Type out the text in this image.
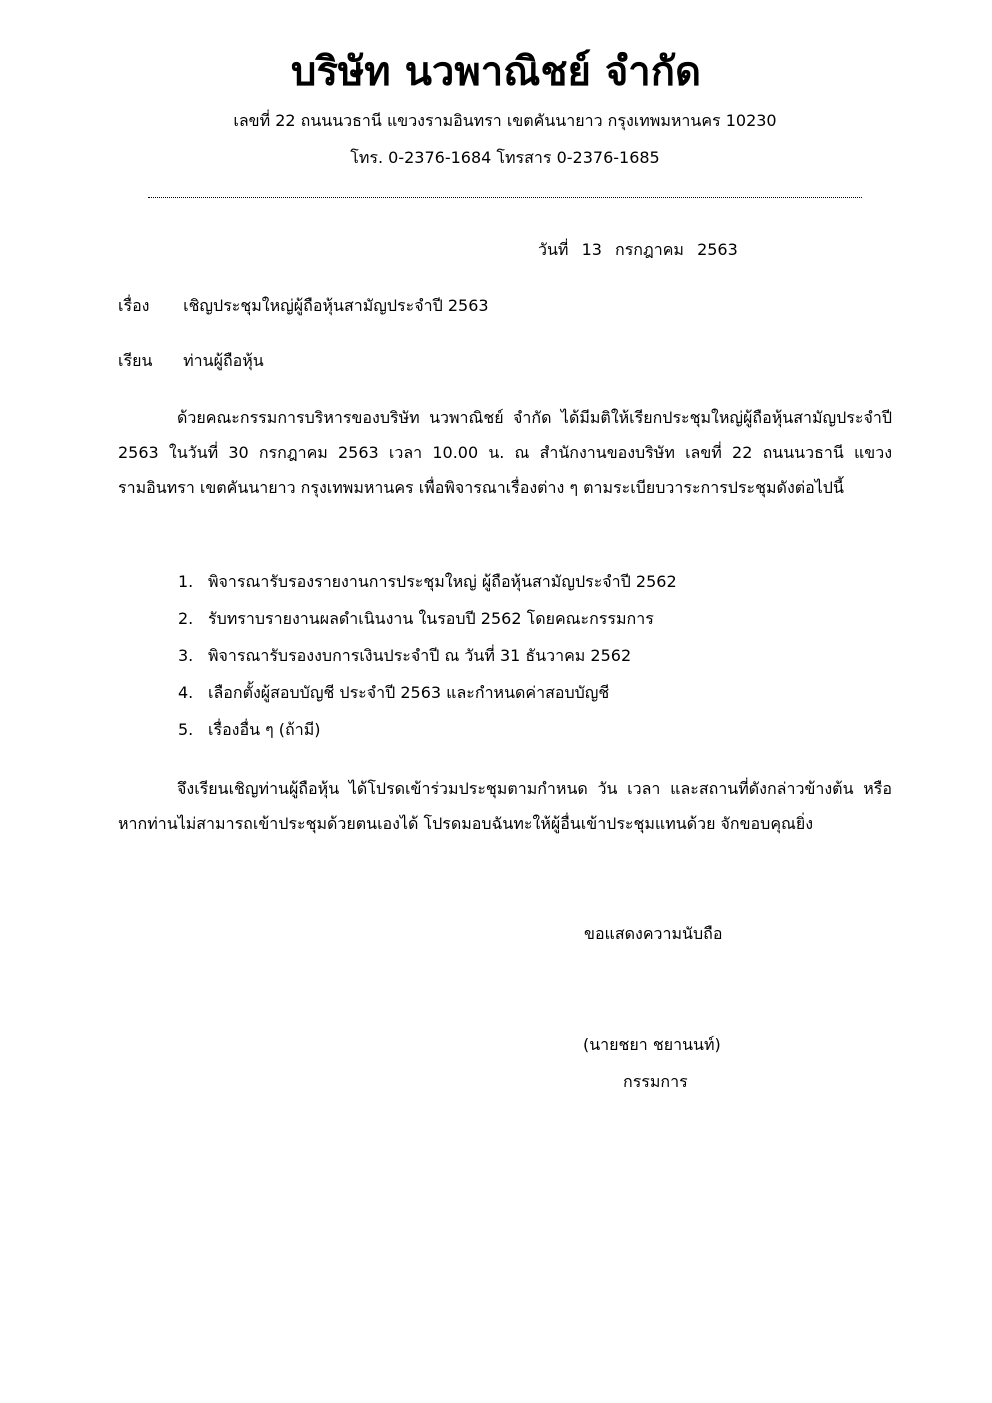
บริษัท นวพาณิชย์ จำกัด
เลขที่ 22 ถนนนวธานี แขวงรามอินทรา เขตคันนายาว กรุงเทพมหานคร 10230
โทร. 0-2376-1684 โทรสาร 0-2376-1685
วันที่ 13 กรกฎาคม 2563
เรื่อง เชิญประชุมใหญ่ผู้ถือหุ้นสามัญประจำปี 2563
เรียน ท่านผู้ถือหุ้น
ด้วยคณะกรรมการบริหารของบริษัท นวพาณิชย์ จำกัด ได้มีมติให้เรียกประชุมใหญ่ผู้ถือหุ้นสามัญประจำปี 2563 ในวันที่ 30 กรกฎาคม 2563 เวลา 10.00 น. ณ สำนักงานของบริษัท เลขที่ 22 ถนนนวธานี แขวงรามอินทรา เขตคันนายาว กรุงเทพมหานคร เพื่อพิจารณาเรื่องต่าง ๆ ตามระเบียบวาระการประชุมดังต่อไปนี้
1. พิจารณารับรองรายงานการประชุมใหญ่ ผู้ถือหุ้นสามัญประจำปี 2562
2. รับทราบรายงานผลดำเนินงาน ในรอบปี 2562 โดยคณะกรรมการ
3. พิจารณารับรองงบการเงินประจำปี ณ วันที่ 31 ธันวาคม 2562
4. เลือกตั้งผู้สอบบัญชี ประจำปี 2563 และกำหนดค่าสอบบัญชี
5. เรื่องอื่น ๆ (ถ้ามี)
จึงเรียนเชิญท่านผู้ถือหุ้น ได้โปรดเข้าร่วมประชุมตามกำหนด วัน เวลา และสถานที่ดังกล่าวข้างต้น หรือ หากท่านไม่สามารถเข้าประชุมด้วยตนเองได้ โปรดมอบฉันทะให้ผู้อื่นเข้าประชุมแทนด้วย จักขอบคุณยิ่ง
ขอแสดงความนับถือ
(นายชยา ชยานนท์)
กรรมการ
